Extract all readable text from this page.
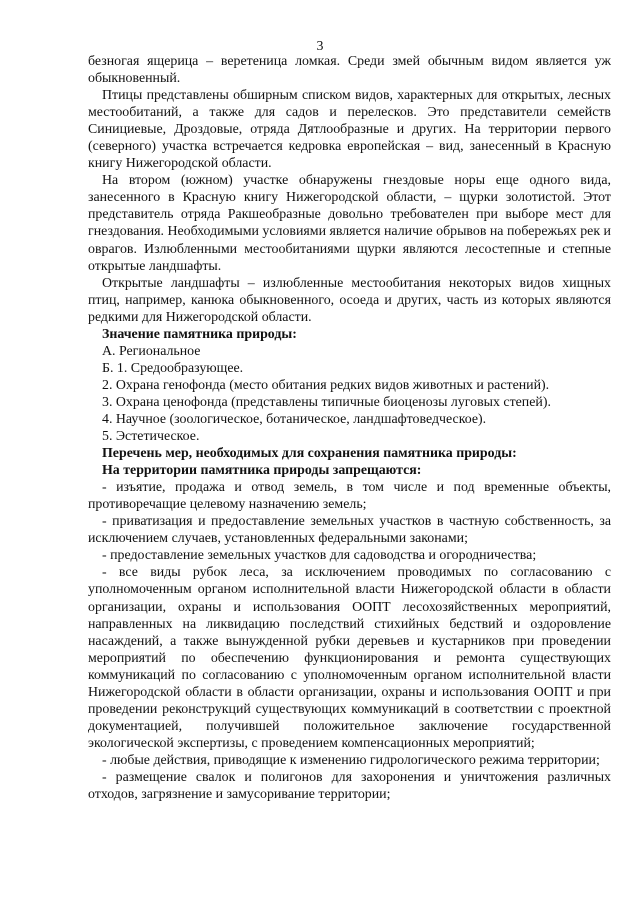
3

безногая ящерица – веретеница ломкая. Среди змей обычным видом является уж обыкновенный.

Птицы представлены обширным списком видов, характерных для открытых, лесных местообитаний, а также для садов и перелесков. Это представители семейств Синициевые, Дроздовые, отряда Дятлообразные и других. На территории первого (северного) участка встречается кедровка европейская – вид, занесенный в Красную книгу Нижегородской области.

На втором (южном) участке обнаружены гнездовые норы еще одного вида, занесенного в Красную книгу Нижегородской области, – щурки золотистой. Этот представитель отряда Ракшеобразные довольно требователен при выборе мест для гнездования. Необходимыми условиями является наличие обрывов на побережьях рек и оврагов. Излюбленными местообитаниями щурки являются лесостепные и степные открытые ландшафты.

Открытые ландшафты – излюбленные местообитания некоторых видов хищных птиц, например, канюка обыкновенного, осоеда и других, часть из которых являются редкими для Нижегородской области.

Значение памятника природы:

А. Региональное

Б. 1. Средообразующее.

2. Охрана генофонда (место обитания редких видов животных и растений).

3. Охрана ценофонда (представлены типичные биоценозы луговых степей).

4. Научное (зоологическое, ботаническое, ландшафтоведческое).

5. Эстетическое.

Перечень мер, необходимых для сохранения памятника природы:

На территории памятника природы запрещаются:

- изъятие, продажа и отвод земель, в том числе и под временные объекты, противоречащие целевому назначению земель;

- приватизация и предоставление земельных участков в частную собственность, за исключением случаев, установленных федеральными законами;

- предоставление земельных участков для садоводства и огородничества;

- все виды рубок леса, за исключением проводимых по согласованию с уполномоченным органом исполнительной власти Нижегородской области в области организации, охраны и использования ООПТ лесохозяйственных мероприятий, направленных на ликвидацию последствий стихийных бедствий и оздоровление насаждений, а также вынужденной рубки деревьев и кустарников при проведении мероприятий по обеспечению функционирования и ремонта существующих коммуникаций по согласованию с уполномоченным органом исполнительной власти Нижегородской области в области организации, охраны и использования ООПТ и при проведении реконструкций существующих коммуникаций в соответствии с проектной документацией, получившей положительное заключение государственной экологической экспертизы, с проведением компенсационных мероприятий;

- любые действия, приводящие к изменению гидрологического режима территории;

- размещение свалок и полигонов для захоронения и уничтожения различных отходов, загрязнение и замусоривание территории;
